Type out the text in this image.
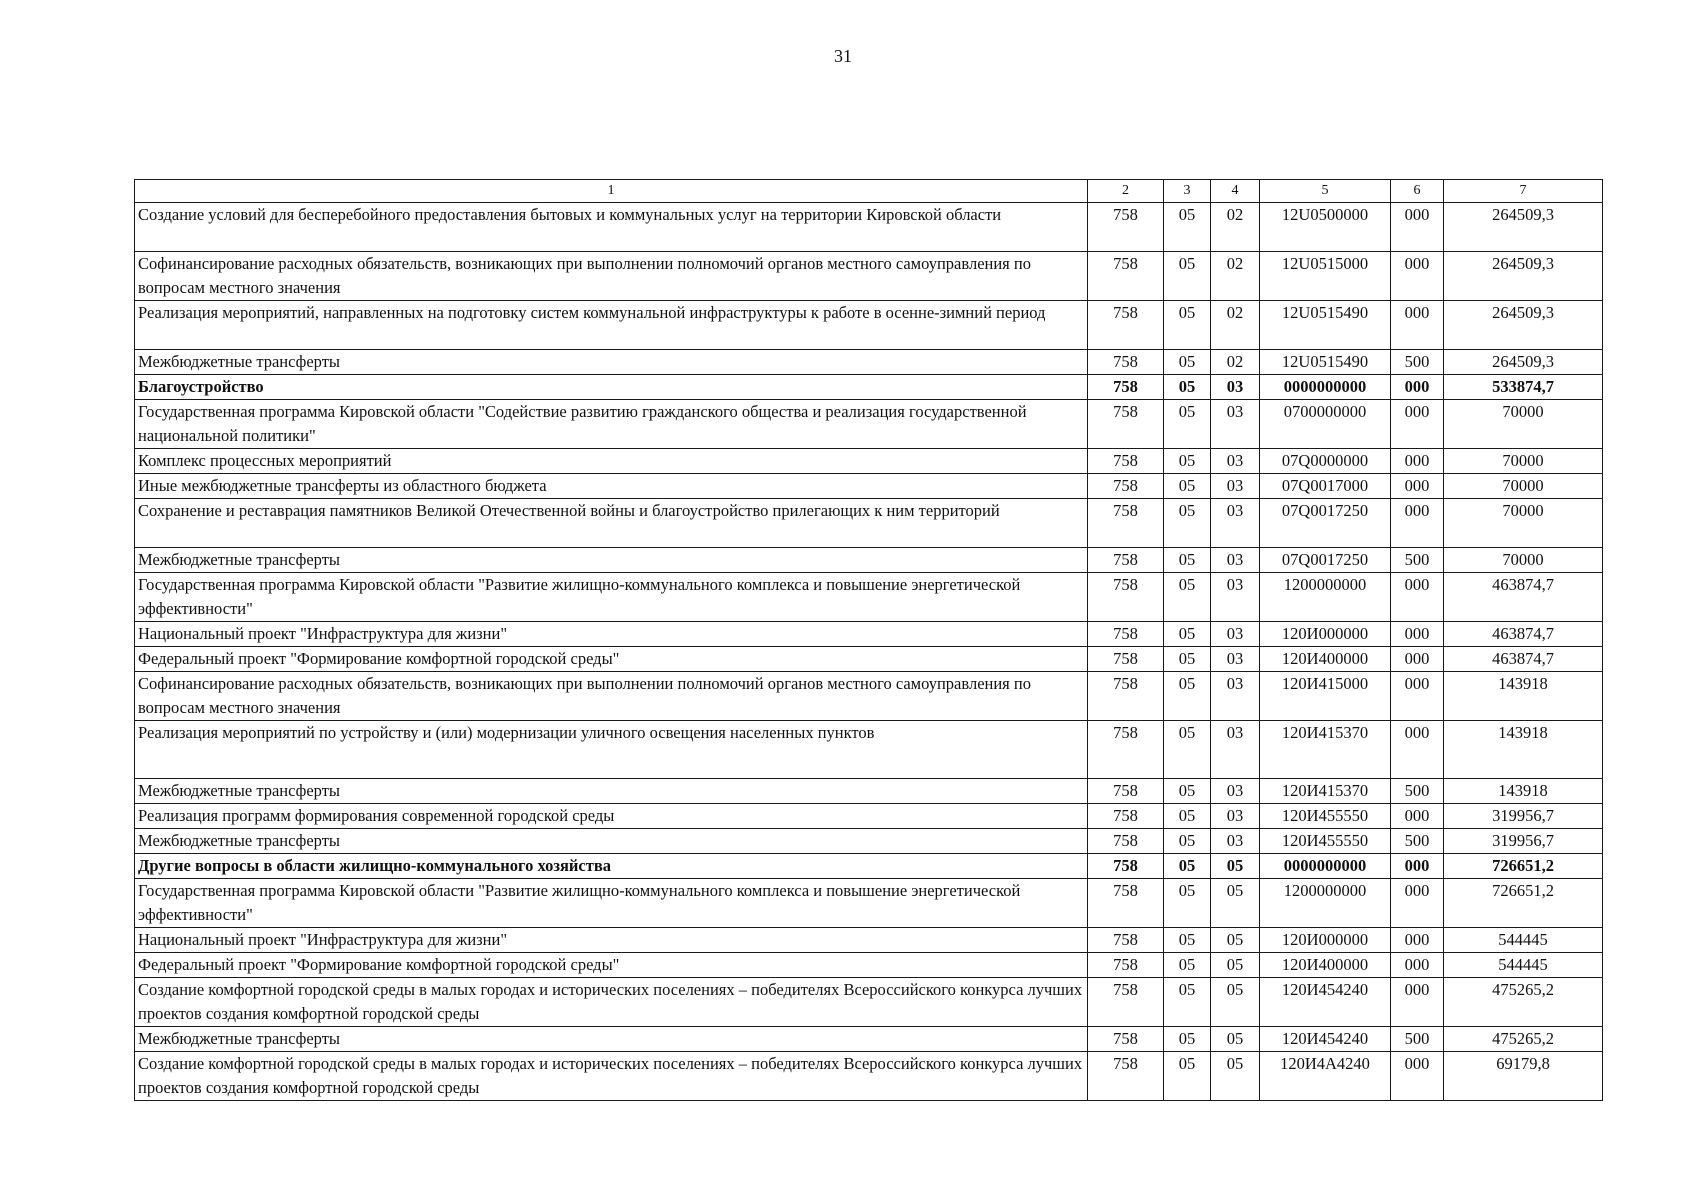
31
1	2	3	4	5	6	7
Создание условий для бесперебойного предоставления бытовых и коммунальных услуг на территории Кировской области	758	05	02	12U0500000	000	264509,3
Софинансирование расходных обязательств, возникающих при выполнении полномочий органов местного самоуправления по вопросам местного значения	758	05	02	12U0515000	000	264509,3
Реализация мероприятий, направленных на подготовку систем коммунальной инфраструктуры к работе в осенне-зимний период	758	05	02	12U0515490	000	264509,3
Межбюджетные трансферты	758	05	02	12U0515490	500	264509,3
Благоустройство	758	05	03	0000000000	000	533874,7
Государственная программа Кировской области "Содействие развитию гражданского общества и реализация государственной национальной политики"	758	05	03	0700000000	000	70000
Комплекс процессных мероприятий	758	05	03	07Q0000000	000	70000
Иные межбюджетные трансферты из областного бюджета	758	05	03	07Q0017000	000	70000
Сохранение и реставрация памятников Великой Отечественной войны и благоустройство прилегающих к ним территорий	758	05	03	07Q0017250	000	70000
Межбюджетные трансферты	758	05	03	07Q0017250	500	70000
Государственная программа Кировской области "Развитие жилищно-коммунального комплекса и повышение энергетической эффективности"	758	05	03	1200000000	000	463874,7
Национальный проект "Инфраструктура для жизни"	758	05	03	120И000000	000	463874,7
Федеральный проект "Формирование комфортной городской среды"	758	05	03	120И400000	000	463874,7
Софинансирование расходных обязательств, возникающих при выполнении полномочий органов местного самоуправления по вопросам местного значения	758	05	03	120И415000	000	143918
Реализация мероприятий по устройству и (или) модернизации уличного освещения населенных пунктов	758	05	03	120И415370	000	143918
Межбюджетные трансферты	758	05	03	120И415370	500	143918
Реализация программ формирования современной городской среды	758	05	03	120И455550	000	319956,7
Межбюджетные трансферты	758	05	03	120И455550	500	319956,7
Другие вопросы в области жилищно-коммунального хозяйства	758	05	05	0000000000	000	726651,2
Государственная программа Кировской области "Развитие жилищно-коммунального комплекса и повышение энергетической эффективности"	758	05	05	1200000000	000	726651,2
Национальный проект "Инфраструктура для жизни"	758	05	05	120И000000	000	544445
Федеральный проект "Формирование комфортной городской среды"	758	05	05	120И400000	000	544445
Создание комфортной городской среды в малых городах и исторических поселениях – победителях Всероссийского конкурса лучших проектов создания комфортной городской среды	758	05	05	120И454240	000	475265,2
Межбюджетные трансферты	758	05	05	120И454240	500	475265,2
Создание комфортной городской среды в малых городах и исторических поселениях – победителях Всероссийского конкурса лучших проектов создания комфортной городской среды	758	05	05	120И4А4240	000	69179,8
